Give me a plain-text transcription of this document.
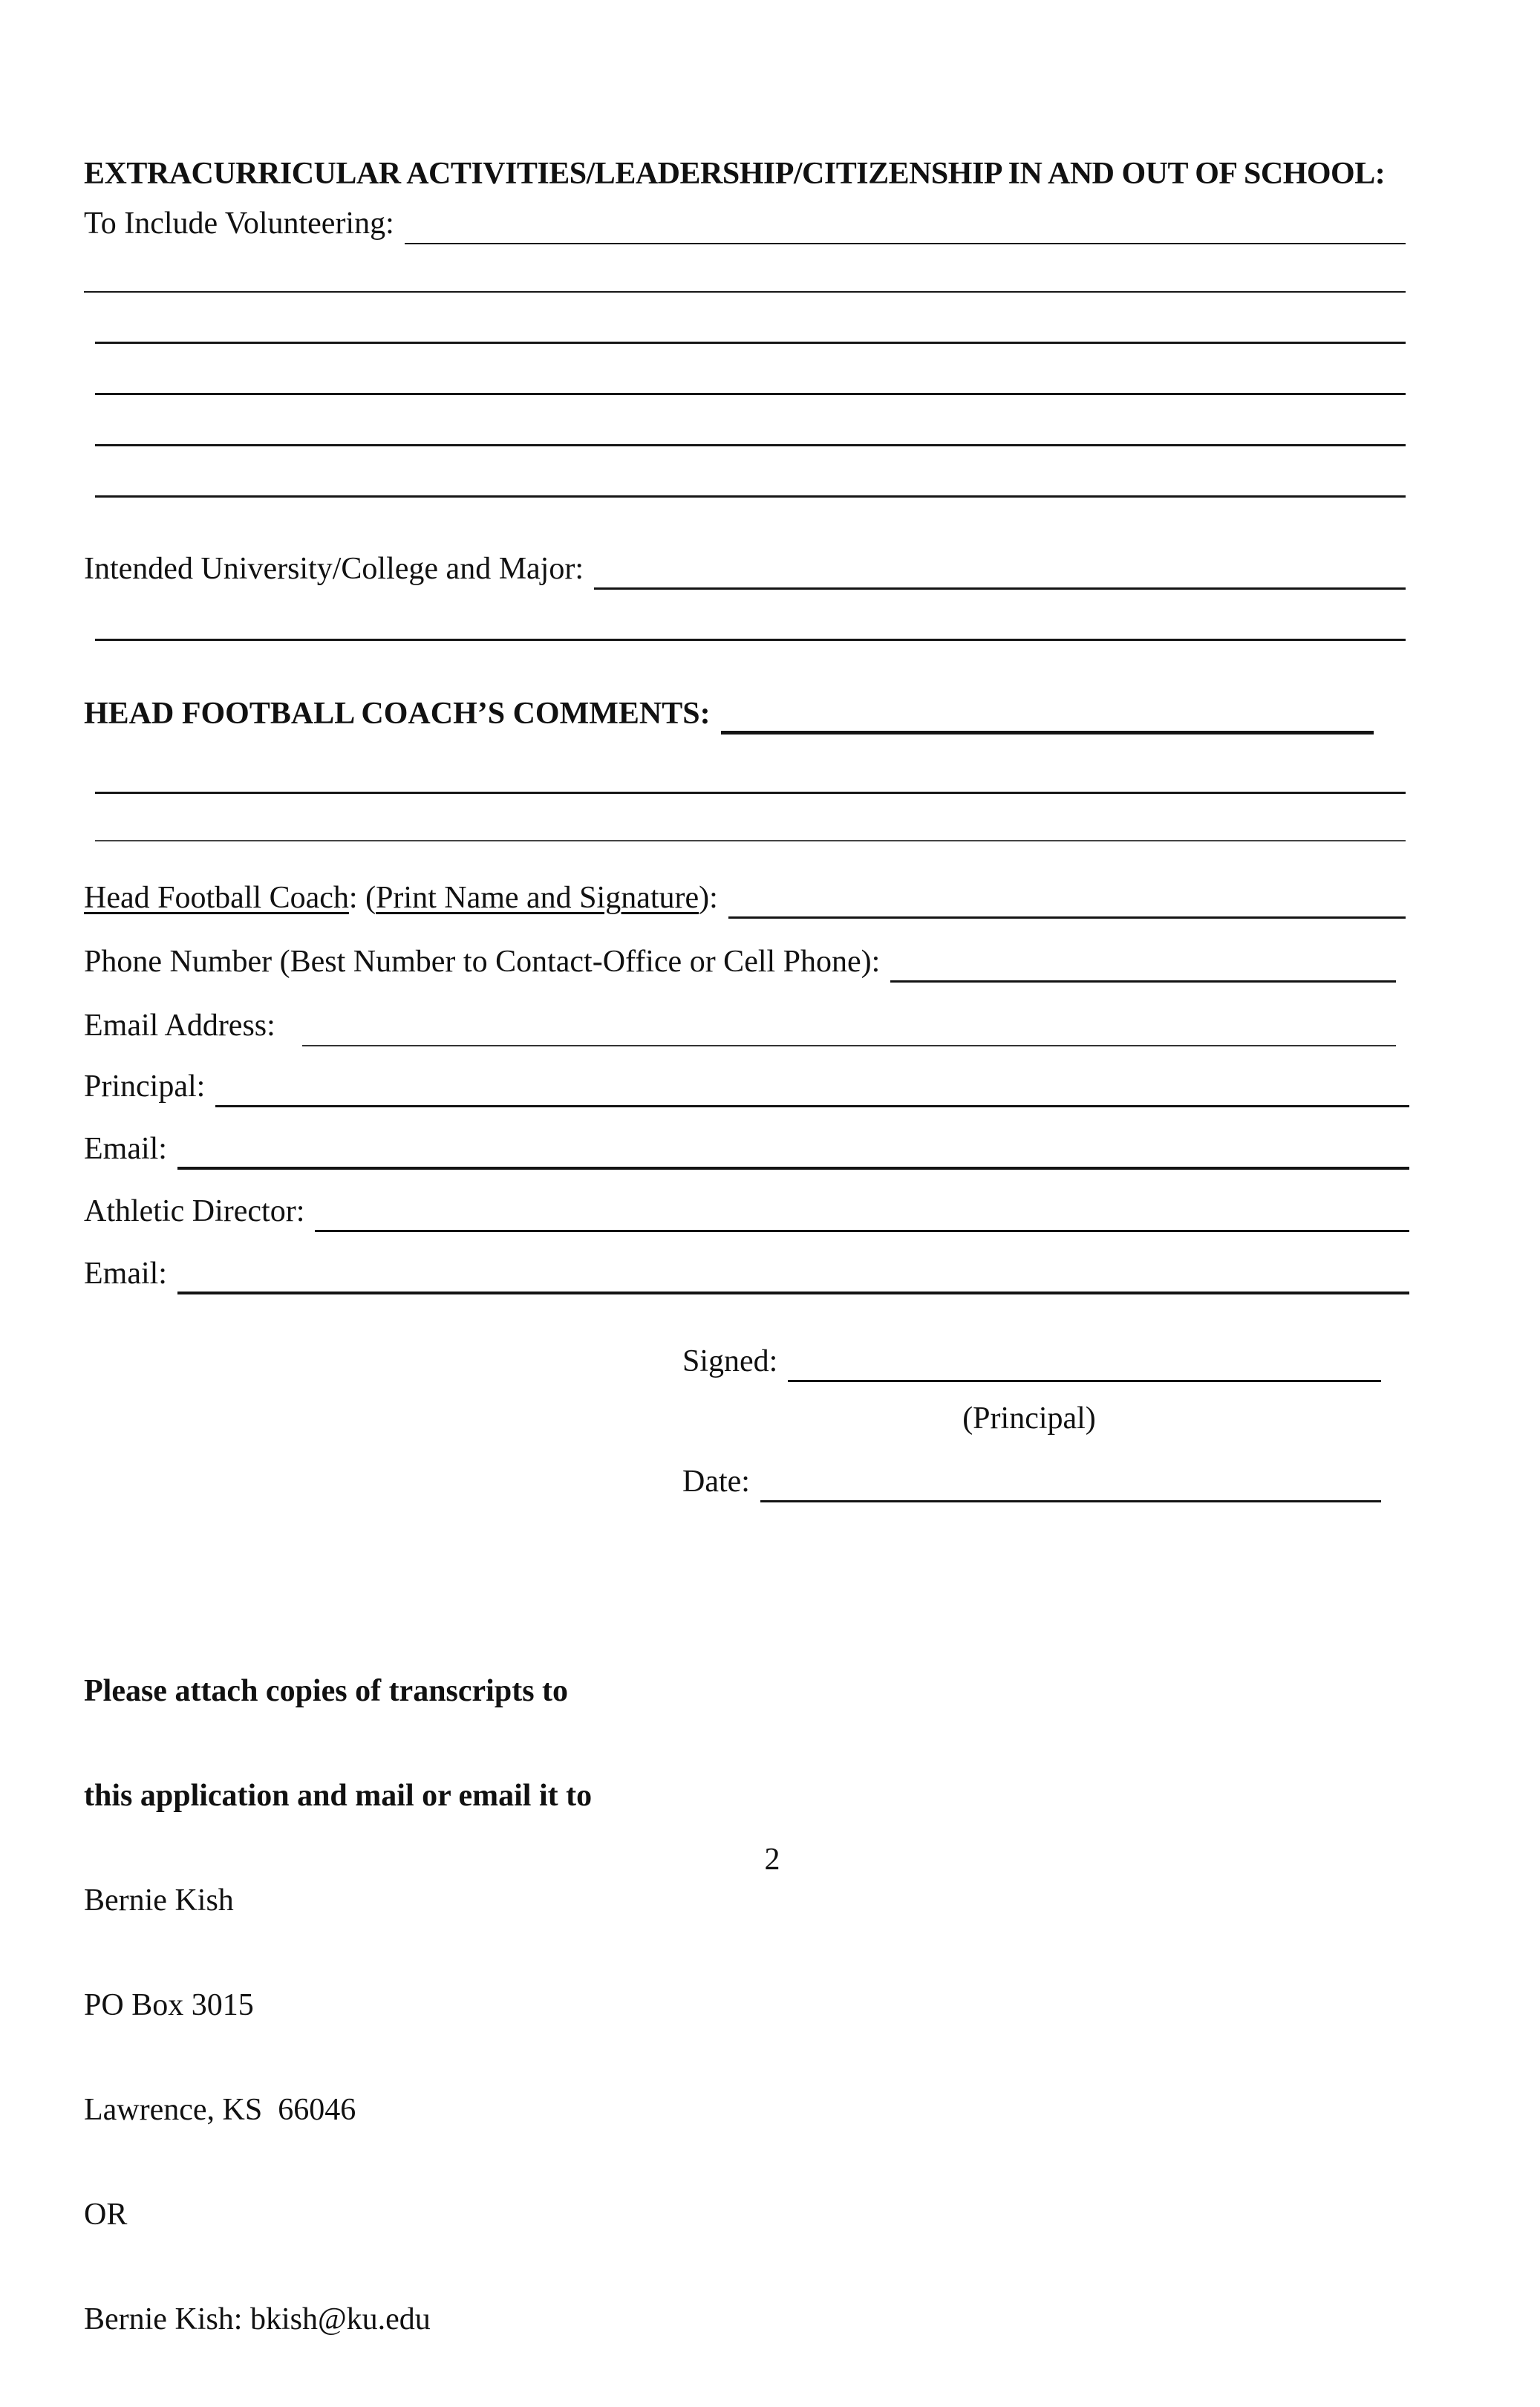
EXTRACURRICULAR ACTIVITIES/LEADERSHIP/CITIZENSHIP IN AND OUT OF SCHOOL:
To Include Volunteering:
Intended University/College and Major:
HEAD FOOTBALL COACH’S COMMENTS:
Head Football Coach : ( Print Name and Signature ):
Phone Number (Best Number to Contact-Office or Cell Phone):
Email Address:
Principal:
Email:
Athletic Director:
Email:
Signed:
(Principal)
Date:

Please attach copies of transcripts to

this application and mail or email it to

Bernie Kish

PO Box 3015

Lawrence, KS  66046

OR

Bernie Kish: bkish@ku.edu

2
